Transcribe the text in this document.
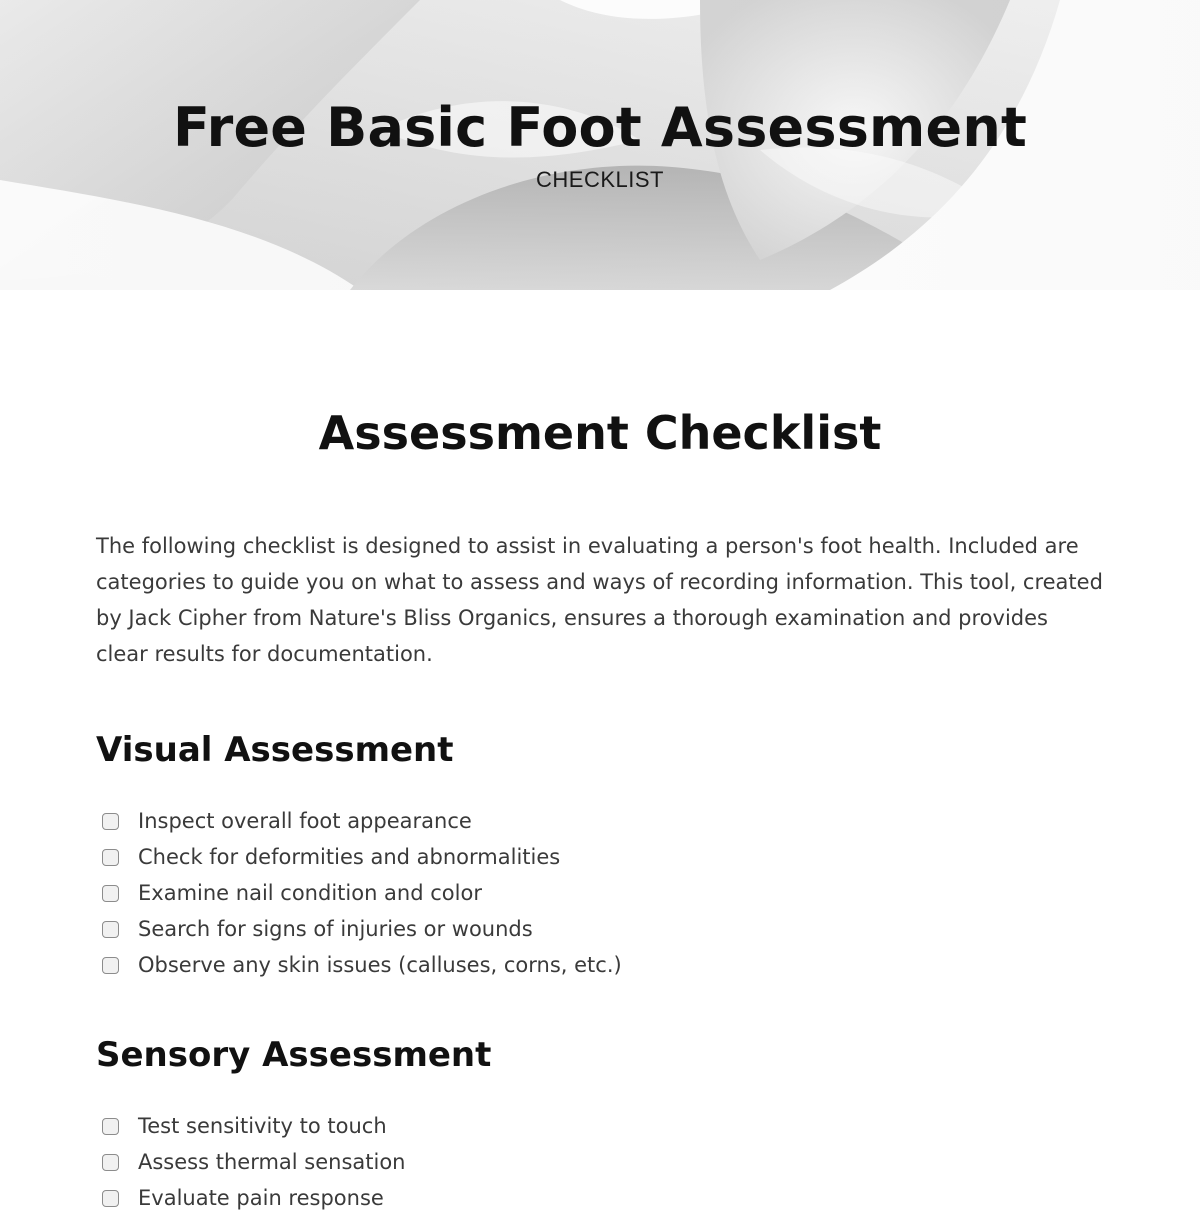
Free Basic Foot Assessment
CHECKLIST
Assessment Checklist

The following checklist is designed to assist in evaluating a person's foot health. Included are categories to guide you on what to assess and ways of recording information. This tool, created by Jack Cipher from Nature's Bliss Organics, ensures a thorough examination and provides clear results for documentation.

Visual Assessment
Inspect overall foot appearance
Check for deformities and abnormalities
Examine nail condition and color
Search for signs of injuries or wounds
Observe any skin issues (calluses, corns, etc.)
Sensory Assessment
Test sensitivity to touch
Assess thermal sensation
Evaluate pain response
